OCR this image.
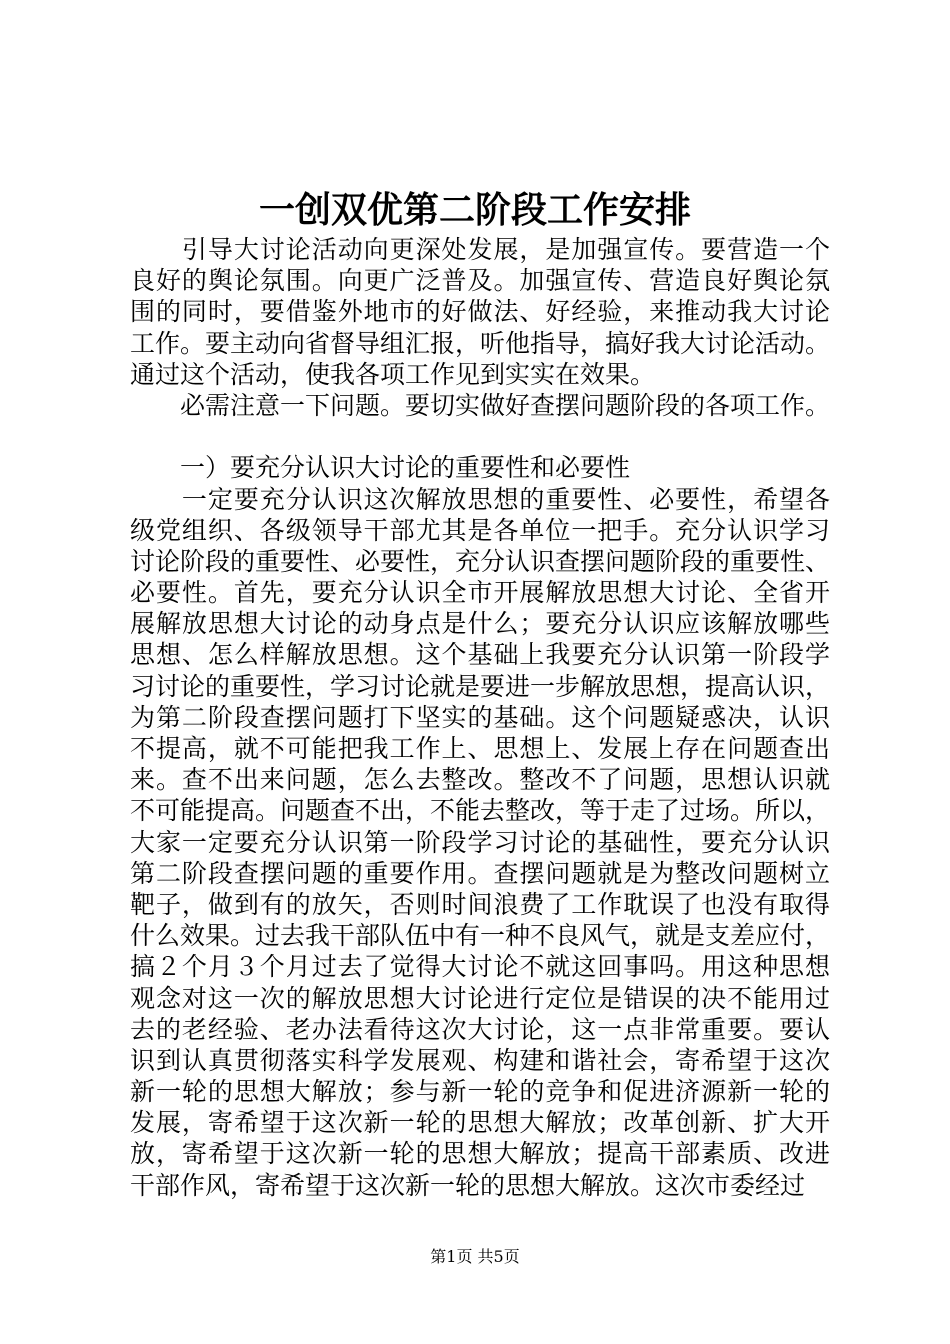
一创双优第二阶段工作安排
　　引导大讨论活动向更深处发展，是加强宣传。要营造一个
良好的舆论氛围。向更广泛普及。加强宣传、营造良好舆论氛
围的同时，要借鉴外地市的好做法、好经验，来推动我大讨论
工作。要主动向省督导组汇报，听他指导，搞好我大讨论活动。
通过这个活动，使我各项工作见到实实在效果。
　　必需注意一下问题。要切实做好查摆问题阶段的各项工作。
　　一）要充分认识大讨论的重要性和必要性
　　一定要充分认识这次解放思想的重要性、必要性，希望各
级党组织、各级领导干部尤其是各单位一把手。充分认识学习
讨论阶段的重要性、必要性，充分认识查摆问题阶段的重要性、
必要性。首先，要充分认识全市开展解放思想大讨论、全省开
展解放思想大讨论的动身点是什么；要充分认识应该解放哪些
思想、怎么样解放思想。这个基础上我要充分认识第一阶段学
习讨论的重要性，学习讨论就是要进一步解放思想，提高认识，
为第二阶段查摆问题打下坚实的基础。这个问题疑惑决，认识
不提高，就不可能把我工作上、思想上、发展上存在问题查出
来。查不出来问题，怎么去整改。整改不了问题，思想认识就
不可能提高。问题查不出，不能去整改，等于走了过场。所以，
大家一定要充分认识第一阶段学习讨论的基础性，要充分认识
第二阶段查摆问题的重要作用。查摆问题就是为整改问题树立
靶子，做到有的放矢，否则时间浪费了工作耽误了也没有取得
什么效果。过去我干部队伍中有一种不良风气，就是支差应付，
搞２个月３个月过去了觉得大讨论不就这回事吗。用这种思想
观念对这一次的解放思想大讨论进行定位是错误的决不能用过
去的老经验、老办法看待这次大讨论，这一点非常重要。要认
识到认真贯彻落实科学发展观、构建和谐社会，寄希望于这次
新一轮的思想大解放；参与新一轮的竞争和促进济源新一轮的
发展，寄希望于这次新一轮的思想大解放；改革创新、扩大开
放，寄希望于这次新一轮的思想大解放；提高干部素质、改进
干部作风，寄希望于这次新一轮的思想大解放。这次市委经过
第1页 共5页
